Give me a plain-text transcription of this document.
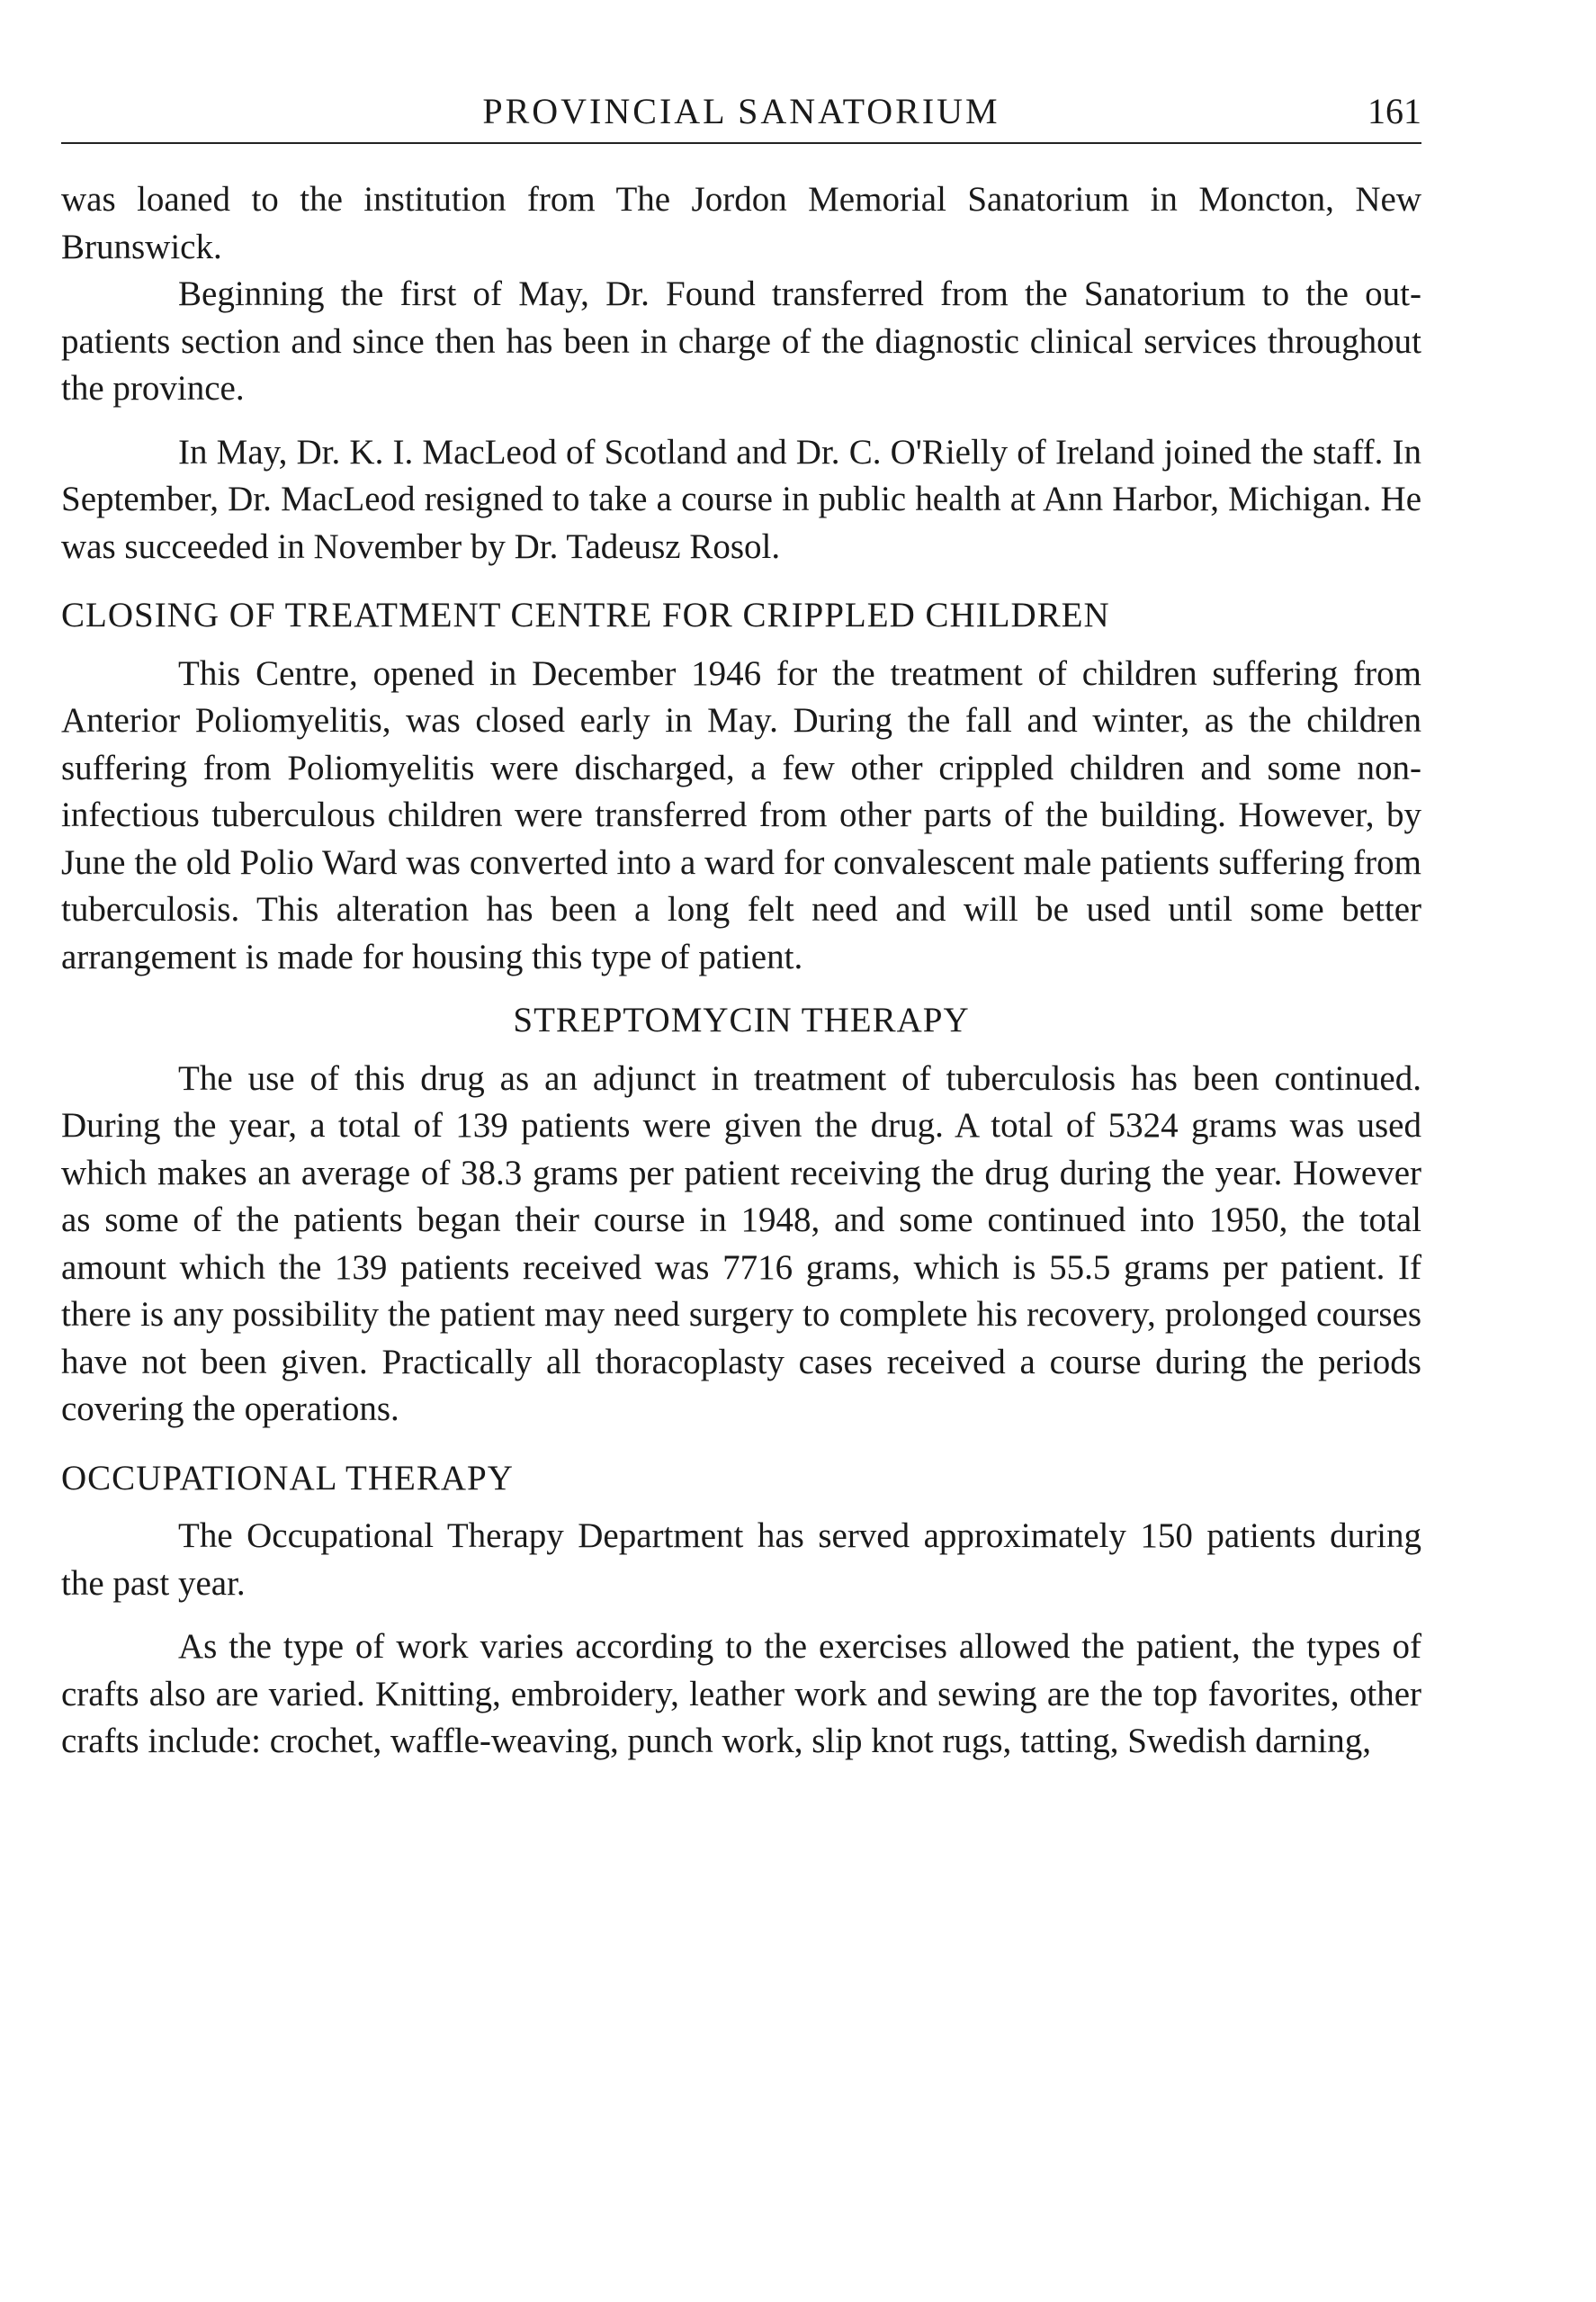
PROVINCIAL SANATORIUM	161

was loaned to the institution from The Jordon Memorial Sanatorium in Moncton, New Brunswick.

Beginning the first of May, Dr. Found transferred from the Sanatorium to the out-patients section and since then has been in charge of the diagnostic clinical services throughout the province.

In May, Dr. K. I. MacLeod of Scotland and Dr. C. O'Rielly of Ireland joined the staff. In September, Dr. MacLeod resigned to take a course in public health at Ann Harbor, Michigan. He was succeeded in November by Dr. Tadeusz Rosol.

CLOSING OF TREATMENT CENTRE FOR CRIPPLED CHILDREN

This Centre, opened in December 1946 for the treatment of children suffering from Anterior Poliomyelitis, was closed early in May. During the fall and winter, as the children suffering from Poliomyelitis were discharged, a few other crippled children and some non-infectious tuberculous children were transferred from other parts of the building. However, by June the old Polio Ward was converted into a ward for convalescent male patients suffering from tuberculosis. This alteration has been a long felt need and will be used until some better arrangement is made for housing this type of patient.

STREPTOMYCIN THERAPY

The use of this drug as an adjunct in treatment of tuberculosis has been continued. During the year, a total of 139 patients were given the drug. A total of 5324 grams was used which makes an average of 38.3 grams per patient receiving the drug during the year. However as some of the patients began their course in 1948, and some continued into 1950, the total amount which the 139 patients received was 7716 grams, which is 55.5 grams per patient. If there is any possibility the patient may need surgery to complete his recovery, prolonged courses have not been given. Practically all thoracoplasty cases received a course during the periods covering the operations.

OCCUPATIONAL THERAPY

The Occupational Therapy Department has served approximately 150 patients during the past year.

As the type of work varies according to the exercises allowed the patient, the types of crafts also are varied. Knitting, embroidery, leather work and sewing are the top favorites, other crafts include: crochet, waffle-weaving, punch work, slip knot rugs, tatting, Swedish darning,
